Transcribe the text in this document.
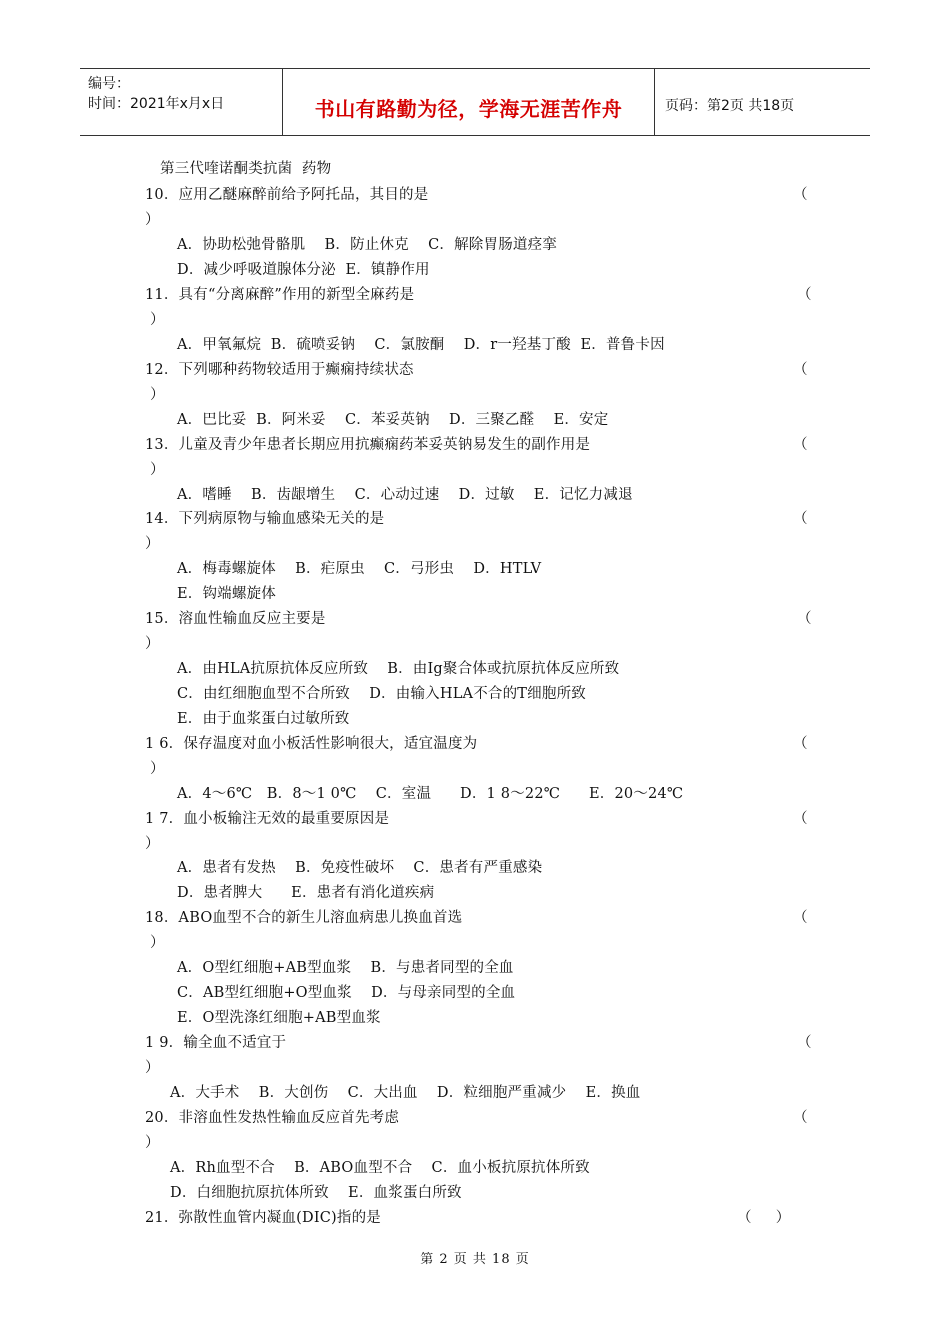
编号：
时间：2021年x月x日	书山有路勤为径，学海无涯苦作舟	页码：第2页 共18页
第三代喹诺酮类抗菌  药物
10．应用乙醚麻醉前给予阿托品，其目的是	（
）
A．协助松弛骨骼肌    B．防止休克    C．解除胃肠道痉挛
D．减少呼吸道腺体分泌  E．镇静作用
11．具有“分离麻醉”作用的新型全麻药是	（
）
A．甲氧氟烷  B．硫喷妥钠    C．氯胺酮    D．r一羟基丁酸  E．普鲁卡因
12．下列哪种药物较适用于癫痫持续状态	（
）
A．巴比妥  B．阿米妥    C．苯妥英钠    D．三聚乙醛    E．安定
13．儿童及青少年患者长期应用抗癫痫药苯妥英钠易发生的副作用是	（
）
A．嗜睡    B．齿龈增生    C．心动过速    D．过敏    E．记忆力减退
14．下列病原物与输血感染无关的是	（
）
A．梅毒螺旋体    B．疟原虫    C．弓形虫    D．HTLV
E．钩端螺旋体
15．溶血性输血反应主要是	（
）
A．由HLA抗原抗体反应所致    B．由Ig聚合体或抗原抗体反应所致
C．由红细胞血型不合所致    D．由输入HLA不合的T细胞所致
E．由于血浆蛋白过敏所致
1 6．保存温度对血小板活性影响很大，适宜温度为	（
）
A．4～6℃   B．8～1 0℃    C．室温      D．1 8～22℃      E．20～24℃
1 7．血小板输注无效的最重要原因是	（
）
A．患者有发热    B．免疫性破坏    C．患者有严重感染
D．患者脾大      E．患者有消化道疾病
18．ABO血型不合的新生儿溶血病患儿换血首选	（
）
A．O型红细胞+AB型血浆    B．与患者同型的全血
C．AB型红细胞+O型血浆    D．与母亲同型的全血
E．O型洗涤红细胞+AB型血浆
1 9．输全血不适宜于	（
）
A．大手术    B．大创伤    C．大出血    D．粒细胞严重减少    E．换血
20．非溶血性发热性输血反应首先考虑	（
）
A．Rh血型不合    B．ABO血型不合    C．血小板抗原抗体所致
D．白细胞抗原抗体所致    E．血浆蛋白所致
21．弥散性血管内凝血(DIC)指的是	（     ）
第 2 页 共 18 页
